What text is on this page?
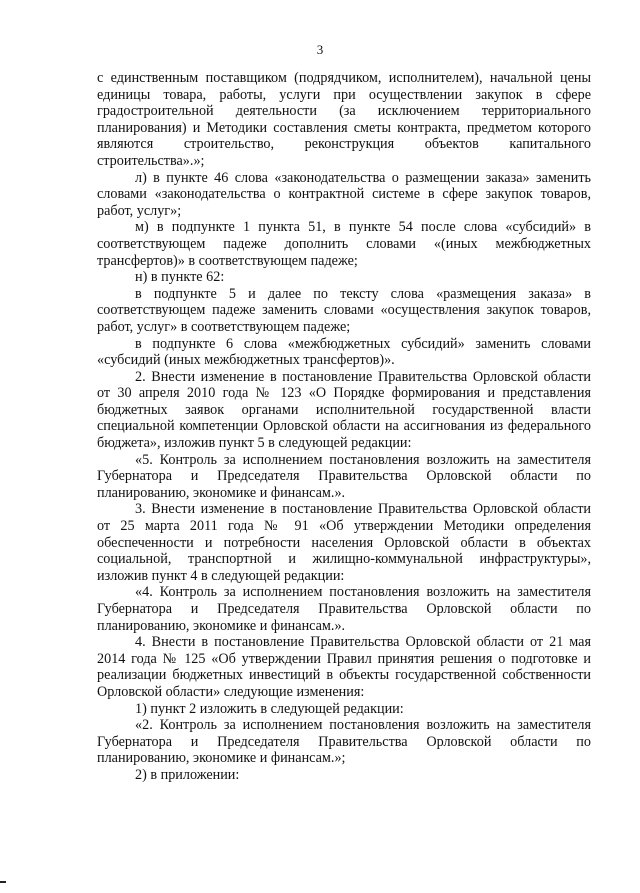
3

с единственным поставщиком (подрядчиком, исполнителем), начальной цены единицы товара, работы, услуги при осуществлении закупок в сфере градостроительной деятельности (за исключением территориального планирования) и Методики составления сметы контракта, предметом которого являются строительство, реконструкция объектов капитального строительства».»;

л) в пункте 46 слова «законодательства о размещении заказа» заменить словами «законодательства о контрактной системе в сфере закупок товаров, работ, услуг»;

м) в подпункте 1 пункта 51, в пункте 54 после слова «субсидий» в соответствующем падеже дополнить словами «(иных межбюджетных трансфертов)» в соответствующем падеже;

н) в пункте 62:

в подпункте 5 и далее по тексту слова «размещения заказа» в соответствующем падеже заменить словами «осуществления закупок товаров, работ, услуг» в соответствующем падеже;

в подпункте 6 слова «межбюджетных субсидий» заменить словами «субсидий (иных межбюджетных трансфертов)».

2. Внести изменение в постановление Правительства Орловской области от 30 апреля 2010 года № 123 «О Порядке формирования и представления бюджетных заявок органами исполнительной государственной власти специальной компетенции Орловской области на ассигнования из федерального бюджета», изложив пункт 5 в следующей редакции:

«5. Контроль за исполнением постановления возложить на заместителя Губернатора и Председателя Правительства Орловской области по планированию, экономике и финансам.».

3. Внести изменение в постановление Правительства Орловской области от 25 марта 2011 года № 91 «Об утверждении Методики определения обеспеченности и потребности населения Орловской области в объектах социальной, транспортной и жилищно-коммунальной инфраструктуры», изложив пункт 4 в следующей редакции:

«4. Контроль за исполнением постановления возложить на заместителя Губернатора и Председателя Правительства Орловской области по планированию, экономике и финансам.».

4. Внести в постановление Правительства Орловской области от 21 мая 2014 года № 125 «Об утверждении Правил принятия решения о подготовке и реализации бюджетных инвестиций в объекты государственной собственности Орловской области» следующие изменения:

1) пункт 2 изложить в следующей редакции:

«2. Контроль за исполнением постановления возложить на заместителя Губернатора и Председателя Правительства Орловской области по планированию, экономике и финансам.»;

2) в приложении:
